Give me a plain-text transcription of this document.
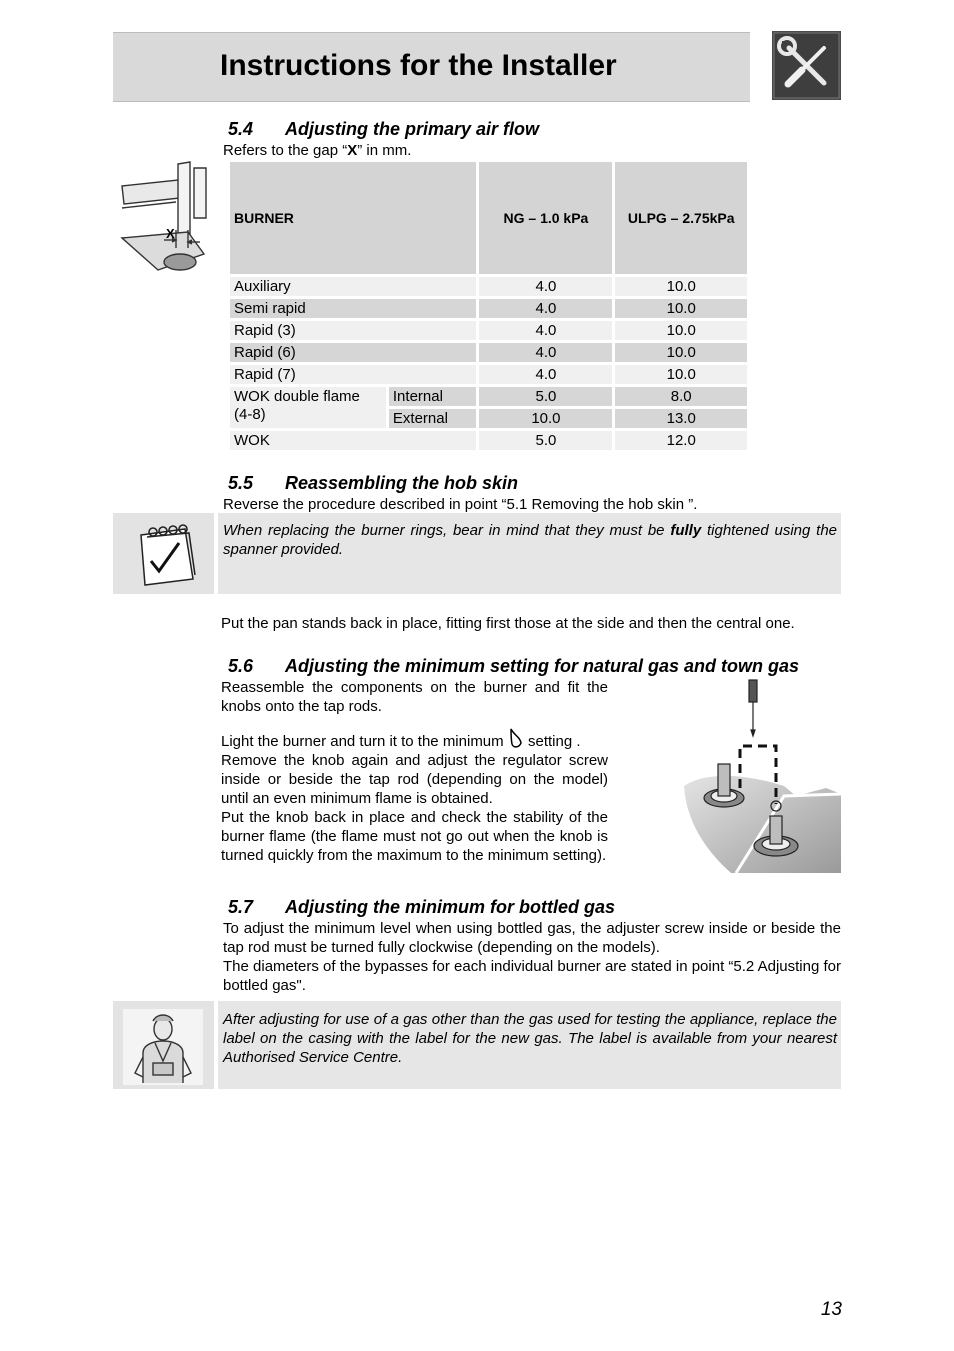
Instructions for the Installer
5.4 Adjusting the primary air flow
Refers to the gap “X” in mm.
X
BURNER		NG – 1.0 kPa	ULPG – 2.75kPa
Auxiliary		4.0	10.0
Semi rapid		4.0	10.0
Rapid (3)		4.0	10.0
Rapid (6)		4.0	10.0
Rapid (7)		4.0	10.0
WOK double flame (4-8)	Internal	5.0	8.0
	External	10.0	13.0
WOK		5.0	12.0
5.5 Reassembling the hob skin
Reverse the procedure described in point “5.1 Removing the hob skin ”.
When replacing the burner rings, bear in mind that they must be fully tightened using the spanner provided.
Put the pan stands back in place, fitting first those at the side and then the central one.
5.6 Adjusting the minimum setting for natural gas and town gas
Reassemble the components on the burner and fit the knobs onto the tap rods.
Light the burner and turn it to the minimum setting .
Remove the knob again and adjust the regulator screw inside or beside the tap rod (depending on the model) until an even minimum flame is obtained.
Put the knob back in place and check the stability of the burner flame (the flame must not go out when the knob is turned quickly from the maximum to the minimum setting).
5.7 Adjusting the minimum for bottled gas
To adjust the minimum level when using bottled gas, the adjuster screw inside or beside the tap rod must be turned fully clockwise (depending on the models).
The diameters of the bypasses for each individual burner are stated in point “5.2 Adjusting for bottled gas".
After adjusting for use of a gas other than the gas used for testing the appliance, replace the label on the casing with the label for the new gas. The label is available from your nearest Authorised Service Centre.
13
